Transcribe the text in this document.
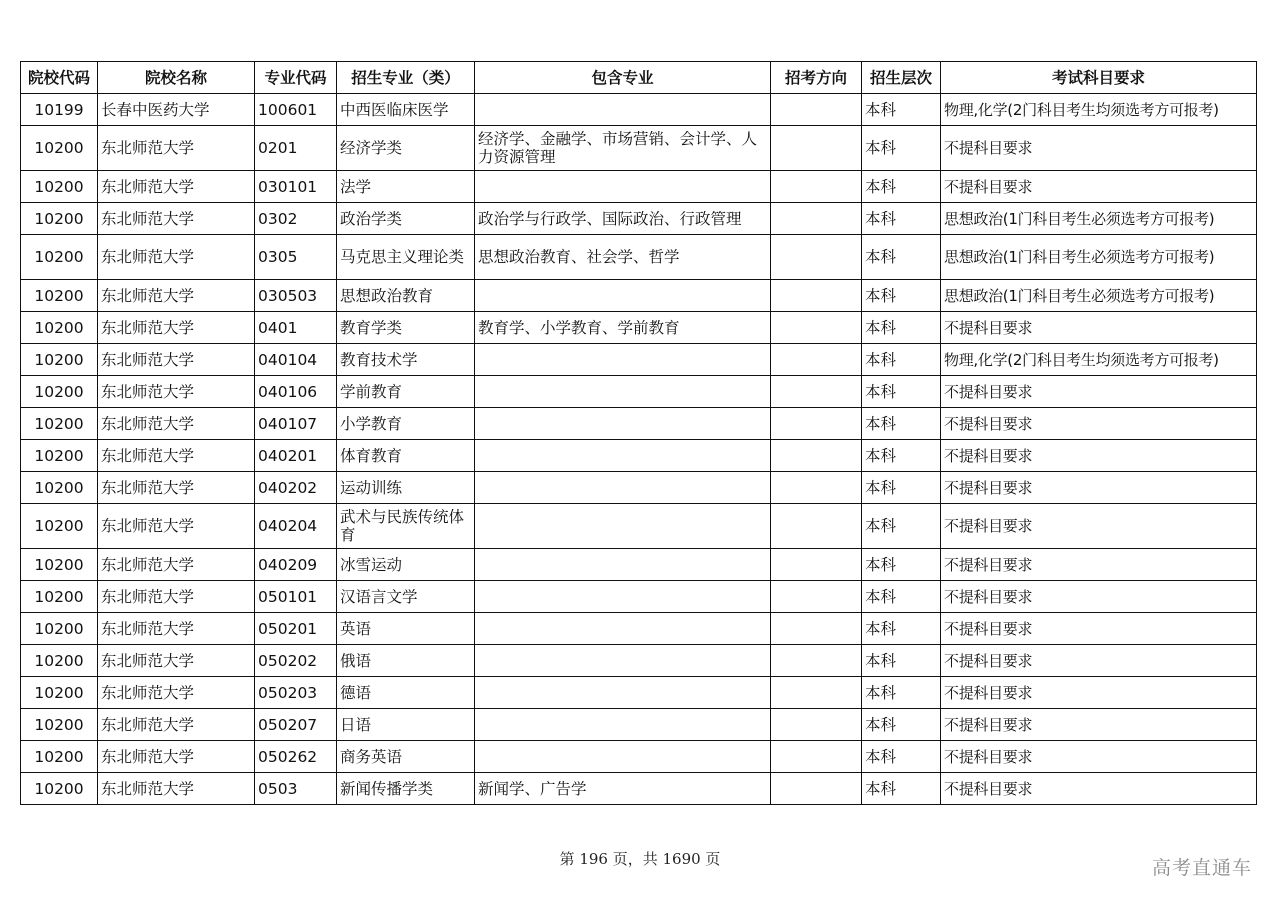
院校代码	院校名称	专业代码	招生专业（类）	包含专业	招考方向	招生层次	考试科目要求
10199	长春中医药大学	100601	中西医临床医学			本科	物理,化学(2门科目考生均须选考方可报考)
10200	东北师范大学	0201	经济学类	经济学、金融学、市场营销、会计学、人力资源管理		本科	不提科目要求
10200	东北师范大学	030101	法学			本科	不提科目要求
10200	东北师范大学	0302	政治学类	政治学与行政学、国际政治、行政管理		本科	思想政治(1门科目考生必须选考方可报考)
10200	东北师范大学	0305	马克思主义理论类	思想政治教育、社会学、哲学		本科	思想政治(1门科目考生必须选考方可报考)
10200	东北师范大学	030503	思想政治教育			本科	思想政治(1门科目考生必须选考方可报考)
10200	东北师范大学	0401	教育学类	教育学、小学教育、学前教育		本科	不提科目要求
10200	东北师范大学	040104	教育技术学			本科	物理,化学(2门科目考生均须选考方可报考)
10200	东北师范大学	040106	学前教育			本科	不提科目要求
10200	东北师范大学	040107	小学教育			本科	不提科目要求
10200	东北师范大学	040201	体育教育			本科	不提科目要求
10200	东北师范大学	040202	运动训练			本科	不提科目要求
10200	东北师范大学	040204	武术与民族传统体育			本科	不提科目要求
10200	东北师范大学	040209	冰雪运动			本科	不提科目要求
10200	东北师范大学	050101	汉语言文学			本科	不提科目要求
10200	东北师范大学	050201	英语			本科	不提科目要求
10200	东北师范大学	050202	俄语			本科	不提科目要求
10200	东北师范大学	050203	德语			本科	不提科目要求
10200	东北师范大学	050207	日语			本科	不提科目要求
10200	东北师范大学	050262	商务英语			本科	不提科目要求
10200	东北师范大学	0503	新闻传播学类	新闻学、广告学		本科	不提科目要求
第 196 页，共 1690 页	高考直通车
